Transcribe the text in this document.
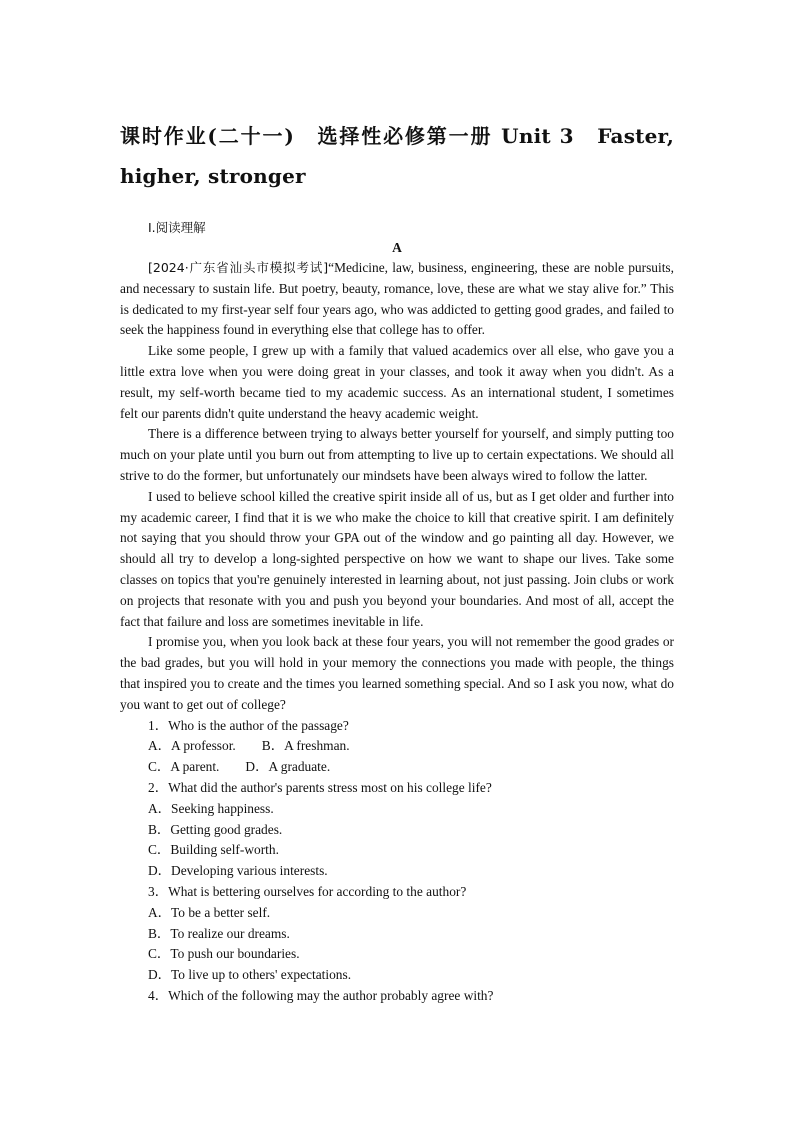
课时作业(二十一)　选择性必修第一册 Unit 3　Faster, higher, stronger
Ⅰ.阅读理解
A

[2024·广东省汕头市模拟考试]“Medicine, law, business, engineering, these are noble pursuits, and necessary to sustain life. But poetry, beauty, romance, love, these are what we stay alive for.” This is dedicated to my first-year self four years ago, who was addicted to getting good grades, and failed to seek the happiness found in everything else that college has to offer.

Like some people, I grew up with a family that valued academics over all else, who gave you a little extra love when you were doing great in your classes, and took it away when you didn't. As a result, my self-worth became tied to my academic success. As an international student, I sometimes felt our parents didn't quite understand the heavy academic weight.

There is a difference between trying to always better yourself for yourself, and simply putting too much on your plate until you burn out from attempting to live up to certain expectations. We should all strive to do the former, but unfortunately our mindsets have been always wired to follow the latter.

I used to believe school killed the creative spirit inside all of us, but as I get older and further into my academic career, I find that it is we who make the choice to kill that creative spirit. I am definitely not saying that you should throw your GPA out of the window and go painting all day. However, we should all try to develop a long-sighted perspective on how we want to shape our lives. Take some classes on topics that you're genuinely interested in learning about, not just passing. Join clubs or work on projects that resonate with you and push you beyond your boundaries. And most of all, accept the fact that failure and loss are sometimes inevitable in life.

I promise you, when you look back at these four years, you will not remember the good grades or the bad grades, but you will hold in your memory the connections you made with people, the things that inspired you to create and the times you learned something special. And so I ask you now, what do you want to get out of college?

1．Who is the author of the passage?
A．A professor. B．A freshman.
C．A parent. D．A graduate.
2．What did the author's parents stress most on his college life?
A．Seeking happiness.
B．Getting good grades.
C．Building self-worth.
D．Developing various interests.
3．What is bettering ourselves for according to the author?
A．To be a better self.
B．To realize our dreams.
C．To push our boundaries.
D．To live up to others' expectations.
4．Which of the following may the author probably agree with?
